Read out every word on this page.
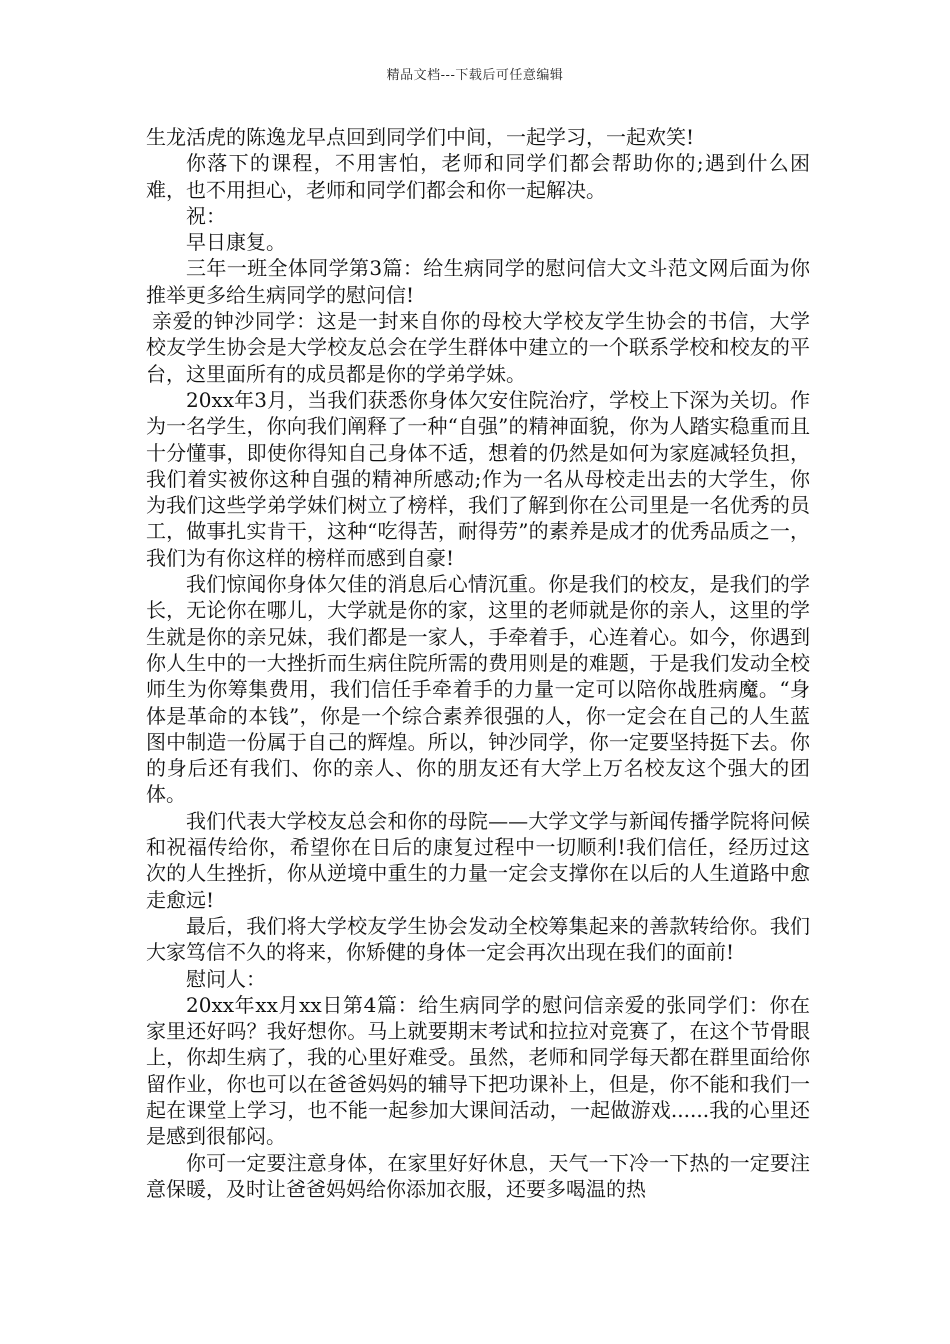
精品文档---下载后可任意编辑

生龙活虎的陈逸龙早点回到同学们中间，一起学习，一起欢笑!

你落下的课程，不用害怕，老师和同学们都会帮助你的;遇到什么困难，也不用担心，老师和同学们都会和你一起解决。

祝：

早日康复。

三年一班全体同学第3篇：给生病同学的慰问信大文斗范文网后面为你推举更多给生病同学的慰问信!

亲爱的钟沙同学：这是一封来自你的母校大学校友学生协会的书信，大学校友学生协会是大学校友总会在学生群体中建立的一个联系学校和校友的平台，这里面所有的成员都是你的学弟学妹。

20xx年3月，当我们获悉你身体欠安住院治疗，学校上下深为关切。作为一名学生，你向我们阐释了一种“自强”的精神面貌，你为人踏实稳重而且十分懂事，即使你得知自己身体不适，想着的仍然是如何为家庭减轻负担，我们着实被你这种自强的精神所感动;作为一名从母校走出去的大学生，你为我们这些学弟学妹们树立了榜样，我们了解到你在公司里是一名优秀的员工，做事扎实肯干，这种“吃得苦，耐得劳”的素养是成才的优秀品质之一，我们为有你这样的榜样而感到自豪!

我们惊闻你身体欠佳的消息后心情沉重。你是我们的校友，是我们的学长，无论你在哪儿，大学就是你的家，这里的老师就是你的亲人，这里的学生就是你的亲兄妹，我们都是一家人，手牵着手，心连着心。如今，你遇到你人生中的一大挫折而生病住院所需的费用则是的难题，于是我们发动全校师生为你筹集费用，我们信任手牵着手的力量一定可以陪你战胜病魔。“身体是革命的本钱”，你是一个综合素养很强的人，你一定会在自己的人生蓝图中制造一份属于自己的辉煌。所以，钟沙同学，你一定要坚持挺下去。你的身后还有我们、你的亲人、你的朋友还有大学上万名校友这个强大的团体。

我们代表大学校友总会和你的母院——大学文学与新闻传播学院将问候和祝福传给你，希望你在日后的康复过程中一切顺利!我们信任，经历过这次的人生挫折，你从逆境中重生的力量一定会支撑你在以后的人生道路中愈走愈远!

最后，我们将大学校友学生协会发动全校筹集起来的善款转给你。我们大家笃信不久的将来，你矫健的身体一定会再次出现在我们的面前!

慰问人：

20xx年xx月xx日第4篇：给生病同学的慰问信亲爱的张同学们：你在家里还好吗？我好想你。马上就要期末考试和拉拉对竞赛了，在这个节骨眼上，你却生病了，我的心里好难受。虽然，老师和同学每天都在群里面给你留作业，你也可以在爸爸妈妈的辅导下把功课补上，但是，你不能和我们一起在课堂上学习，也不能一起参加大课间活动，一起做游戏......我的心里还是感到很郁闷。

你可一定要注意身体，在家里好好休息，天气一下冷一下热的一定要注意保暖，及时让爸爸妈妈给你添加衣服，还要多喝温的热
